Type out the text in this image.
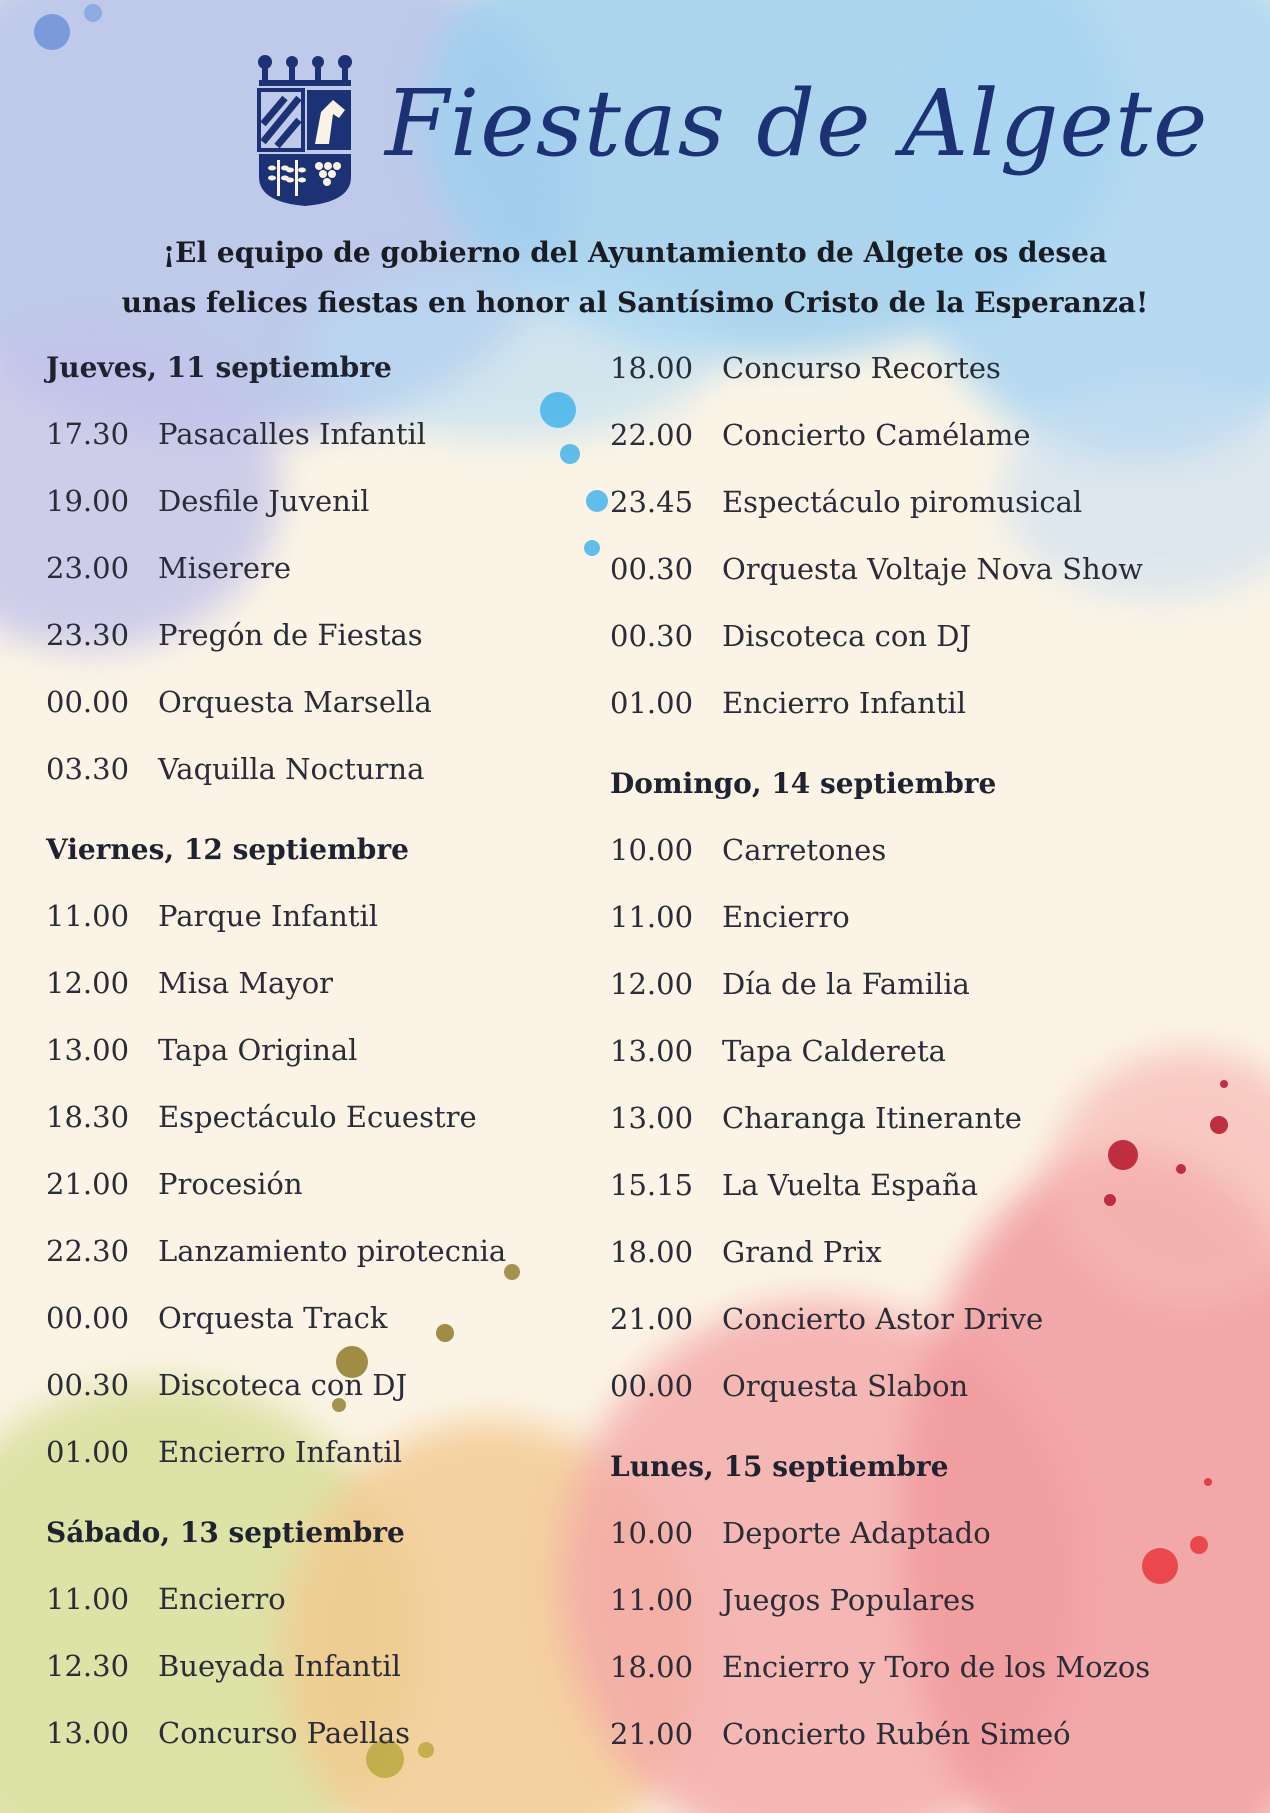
Fiestas de Algete
¡El equipo de gobierno del Ayuntamiento de Algete os desea
unas felices fiestas en honor al Santísimo Cristo de la Esperanza!
Jueves, 11 septiembre
17.30 Pasacalles Infantil
19.00 Desfile Juvenil
23.00 Miserere
23.30 Pregón de Fiestas
00.00 Orquesta Marsella
03.30 Vaquilla Nocturna
Viernes, 12 septiembre
11.00 Parque Infantil
12.00 Misa Mayor
13.00 Tapa Original
18.30 Espectáculo Ecuestre
21.00 Procesión
22.30 Lanzamiento pirotecnia
00.00 Orquesta Track
00.30 Discoteca con DJ
01.00 Encierro Infantil
Sábado, 13 septiembre
11.00 Encierro
12.30 Bueyada Infantil
13.00 Concurso Paellas
18.00 Concurso Recortes
22.00 Concierto Camélame
23.45 Espectáculo piromusical
00.30 Orquesta Voltaje Nova Show
00.30 Discoteca con DJ
01.00 Encierro Infantil
Domingo, 14 septiembre
10.00 Carretones
11.00 Encierro
12.00 Día de la Familia
13.00 Tapa Caldereta
13.00 Charanga Itinerante
15.15 La Vuelta España
18.00 Grand Prix
21.00 Concierto Astor Drive
00.00 Orquesta Slabon
Lunes, 15 septiembre
10.00 Deporte Adaptado
11.00 Juegos Populares
18.00 Encierro y Toro de los Mozos
21.00 Concierto Rubén Simeó
